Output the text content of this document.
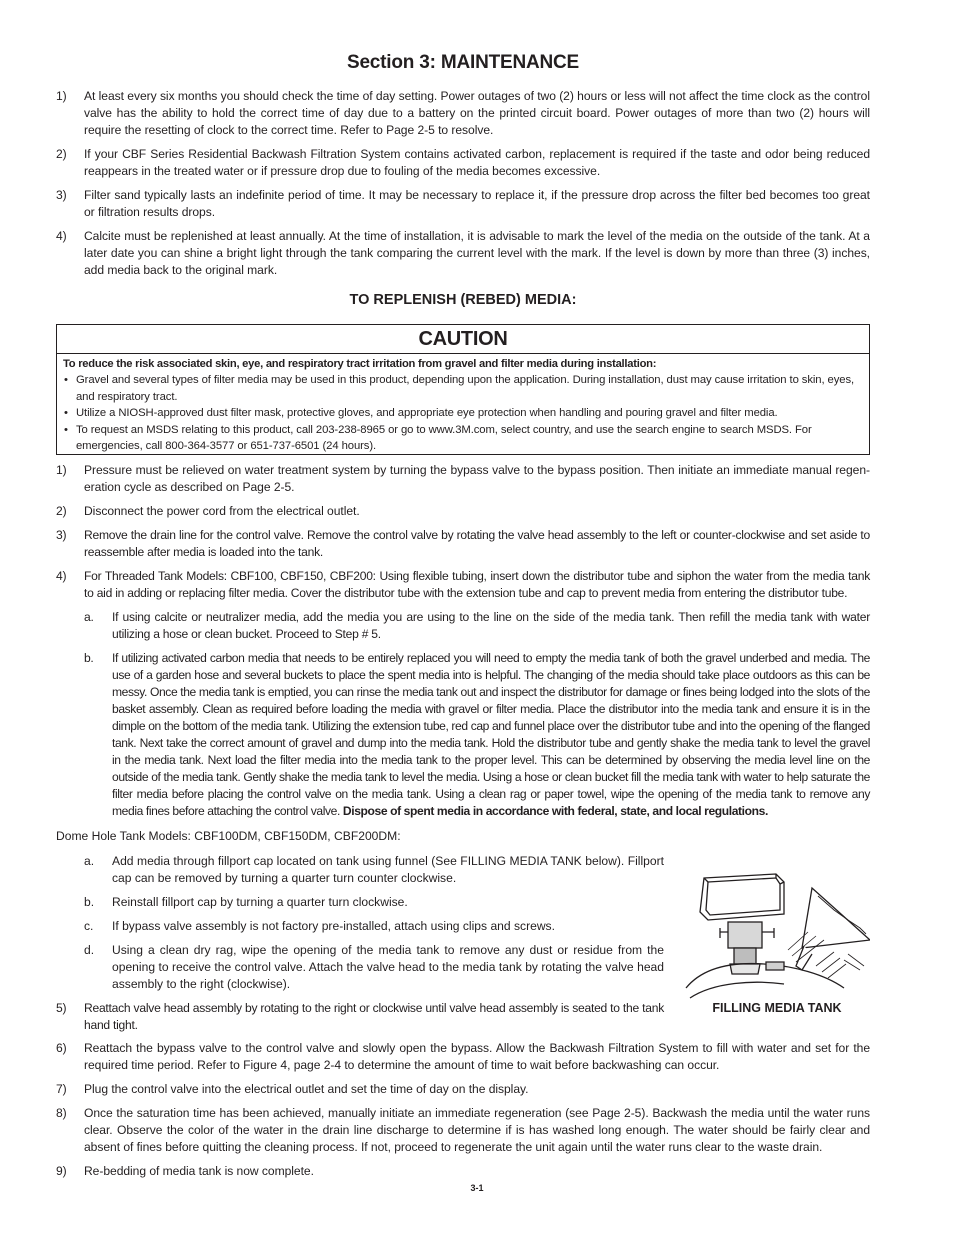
Section 3: MAINTENANCE
1) At least every six months you should check the time of day setting. Power outages of two (2) hours or less will not affect the time clock as the control valve has the ability to hold the correct time of day due to a battery on the printed circuit board. Power outages of more than two (2) hours will require the resetting of clock to the correct time. Refer to Page 2-5 to resolve.
2) If your CBF Series Residential Backwash Filtration System contains activated carbon, replacement is required if the taste and odor being reduced reappears in the treated water or if pressure drop due to fouling of the media becomes excessive.
3) Filter sand typically lasts an indefinite period of time. It may be necessary to replace it, if the pressure drop across the filter bed becomes too great or filtration results drops.
4) Calcite must be replenished at least annually. At the time of installation, it is advisable to mark the level of the media on the outside of the tank. At a later date you can shine a bright light through the tank comparing the current level with the mark. If the level is down by more than three (3) inches, add media back to the original mark.
TO REPLENISH (REBED) MEDIA:
CAUTION
To reduce the risk associated skin, eye, and respiratory tract irritation from gravel and filter media during installation:
• Gravel and several types of filter media may be used in this product, depending upon the application. During installation, dust may cause irritation to skin, eyes, and respiratory tract.
• Utilize a NIOSH-approved dust filter mask, protective gloves, and appropriate eye protection when handling and pouring gravel and filter media.
• To request an MSDS relating to this product, call 203-238-8965 or go to www.3M.com, select country, and use the search engine to search MSDS. For emergencies, call 800-364-3577 or 651-737-6501 (24 hours).
1) Pressure must be relieved on water treatment system by turning the bypass valve to the bypass position. Then initiate an immediate manual regen-eration cycle as described on Page 2-5.
2) Disconnect the power cord from the electrical outlet.
3) Remove the drain line for the control valve. Remove the control valve by rotating the valve head assembly to the left or counter-clockwise and set aside to reassemble after media is loaded into the tank.
4) For Threaded Tank Models: CBF100, CBF150, CBF200: Using flexible tubing, insert down the distributor tube and siphon the water from the media tank to aid in adding or replacing filter media. Cover the distributor tube with the extension tube and cap to prevent media from entering the distributor tube.
a. If using calcite or neutralizer media, add the media you are using to the line on the side of the media tank. Then refill the media tank with water utilizing a hose or clean bucket. Proceed to Step # 5.
b. If utilizing activated carbon media that needs to be entirely replaced you will need to empty the media tank of both the gravel underbed and media. The use of a garden hose and several buckets to place the spent media into is helpful. The changing of the media should take place outdoors as this can be messy. Once the media tank is emptied, you can rinse the media tank out and inspect the distributor for damage or fines being lodged into the slots of the basket assembly. Clean as required before loading the media with gravel or filter media. Place the distributor into the media tank and ensure it is in the dimple on the bottom of the media tank. Utilizing the extension tube, red cap and funnel place over the distributor tube and into the opening of the flanged tank. Next take the correct amount of gravel and dump into the media tank. Hold the distributor tube and gently shake the media tank to level the gravel in the media tank. Next load the filter media into the media tank to the proper level. This can be determined by observing the media level line on the outside of the media tank. Gently shake the media tank to level the media. Using a hose or clean bucket fill the media tank with water to help saturate the filter media before placing the control valve on the media tank. Using a clean rag or paper towel, wipe the opening of the media tank to remove any media fines before attaching the control valve. Dispose of spent media in accordance with federal, state, and local regulations.
Dome Hole Tank Models: CBF100DM, CBF150DM, CBF200DM:
a. Add media through fillport cap located on tank using funnel (See FILLING MEDIA TANK below). Fillport cap can be removed by turning a quarter turn counter clockwise.
b. Reinstall fillport cap by turning a quarter turn clockwise.
c. If bypass valve assembly is not factory pre-installed, attach using clips and screws.
d. Using a clean dry rag, wipe the opening of the media tank to remove any dust or residue from the opening to receive the control valve. Attach the valve head to the media tank by rotating the valve head assembly to the right (clockwise).
5) Reattach valve head assembly by rotating to the right or clockwise until valve head assembly is seated to the tank hand tight.
FILLING MEDIA TANK
6) Reattach the bypass valve to the control valve and slowly open the bypass. Allow the Backwash Filtration System to fill with water and set for the required time period. Refer to Figure 4, page 2-4 to determine the amount of time to wait before backwashing can occur.
7) Plug the control valve into the electrical outlet and set the time of day on the display.
8) Once the saturation time has been achieved, manually initiate an immediate regeneration (see Page 2-5). Backwash the media until the water runs clear. Observe the color of the water in the drain line discharge to determine if is has washed long enough. The water should be fairly clear and absent of fines before quitting the cleaning process. If not, proceed to regenerate the unit again until the water runs clear to the waste drain.
9) Re-bedding of media tank is now complete.
3-1
